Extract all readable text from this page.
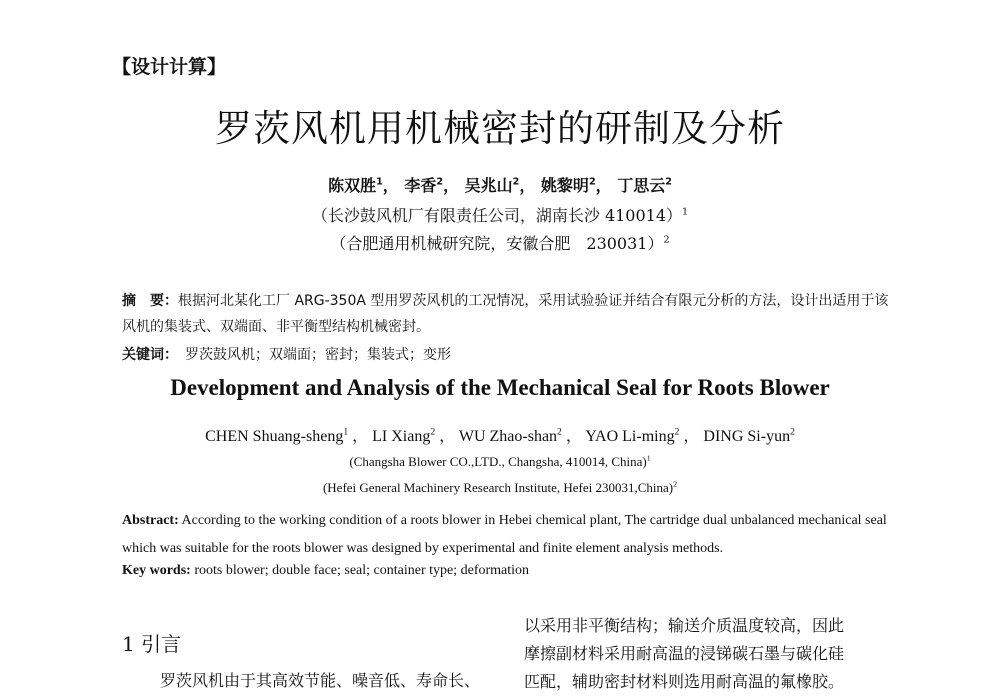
【设计计算】
罗茨风机用机械密封的研制及分析
陈双胜$^1$， 李香$^2$， 吴兆山$^2$， 姚黎明$^2$， 丁思云$^2$
（长沙鼓风机厂有限责任公司，湖南长沙 410014）$^1$
（合肥通用机械研究院，安徽合肥　230031）$^2$
摘　要：根据河北某化工厂 ARG-350A 型用罗茨风机的工况情况，采用试验验证并结合有限元分析的方法，设计出适用于该风机的集装式、双端面、非平衡型结构机械密封。
关键词：　 罗茨鼓风机；双端面；密封；集装式；变形
Development and Analysis of the Mechanical Seal for Roots Blower
CHEN Shuang-sheng$^1$ ， LI Xiang$^2$ ， WU Zhao-shan$^2$ ， YAO Li-ming$^2$ ， DING Si-yun$^2$
(Changsha Blower CO.,LTD., Changsha, 410014, China)$^1$
(Hefei General Machinery Research Institute, Hefei 230031,China)$^2$
Abstract: According to the working condition of a roots blower in Hebei chemical plant, The cartridge dual unbalanced mechanical seal which was suitable for the roots blower was designed by experimental and finite element analysis methods.
Key words: roots blower; double face; seal; container type; deformation
1 引言
罗茨风机由于其高效节能、噪音低、寿命长、
以采用非平衡结构；输送介质温度较高，因此
摩擦副材料采用耐高温的浸锑碳石墨与碳化硅
匹配，辅助密封材料则选用耐高温的氟橡胶。
